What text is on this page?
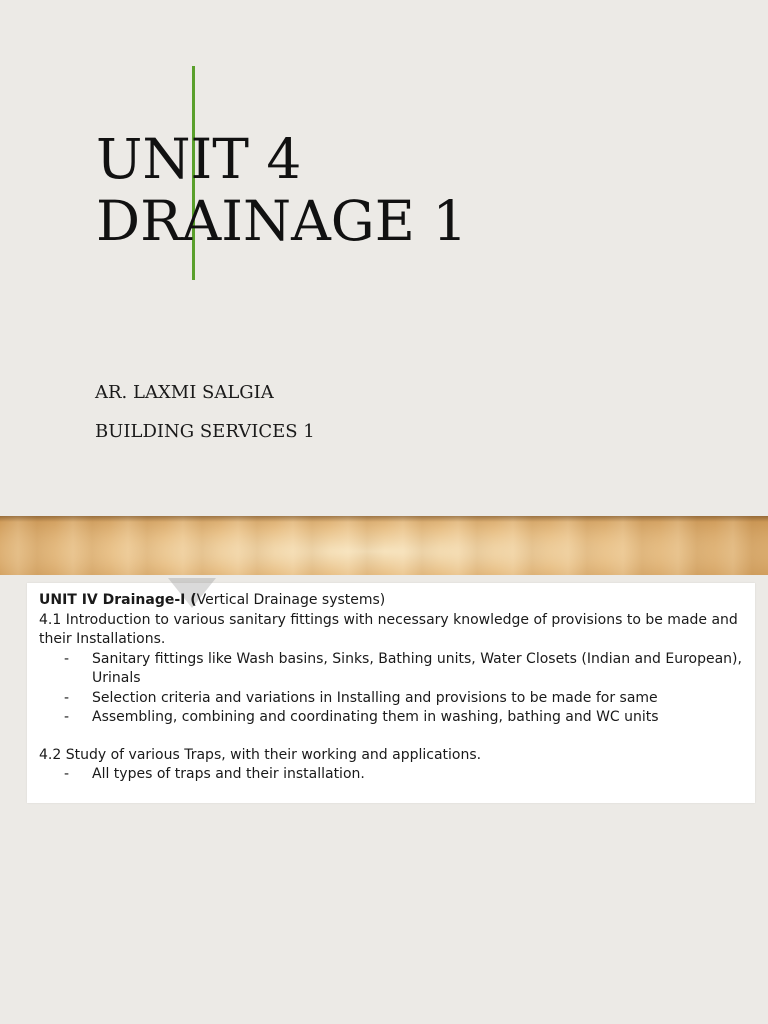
UNIT 4
DRAINAGE 1

AR. LAXMI SALGIA

BUILDING SERVICES 1

UNIT IV Drainage-I (Vertical Drainage systems)

4.1 Introduction to various sanitary fittings with necessary knowledge of provisions to be made and their Installations.

- Sanitary fittings like Wash basins, Sinks, Bathing units, Water Closets (Indian and European), Urinals
- Selection criteria and variations in Installing and provisions to be made for same
- Assembling, combining and coordinating them in washing, bathing and WC units

4.2 Study of various Traps, with their working and applications.

- All types of traps and their installation.
